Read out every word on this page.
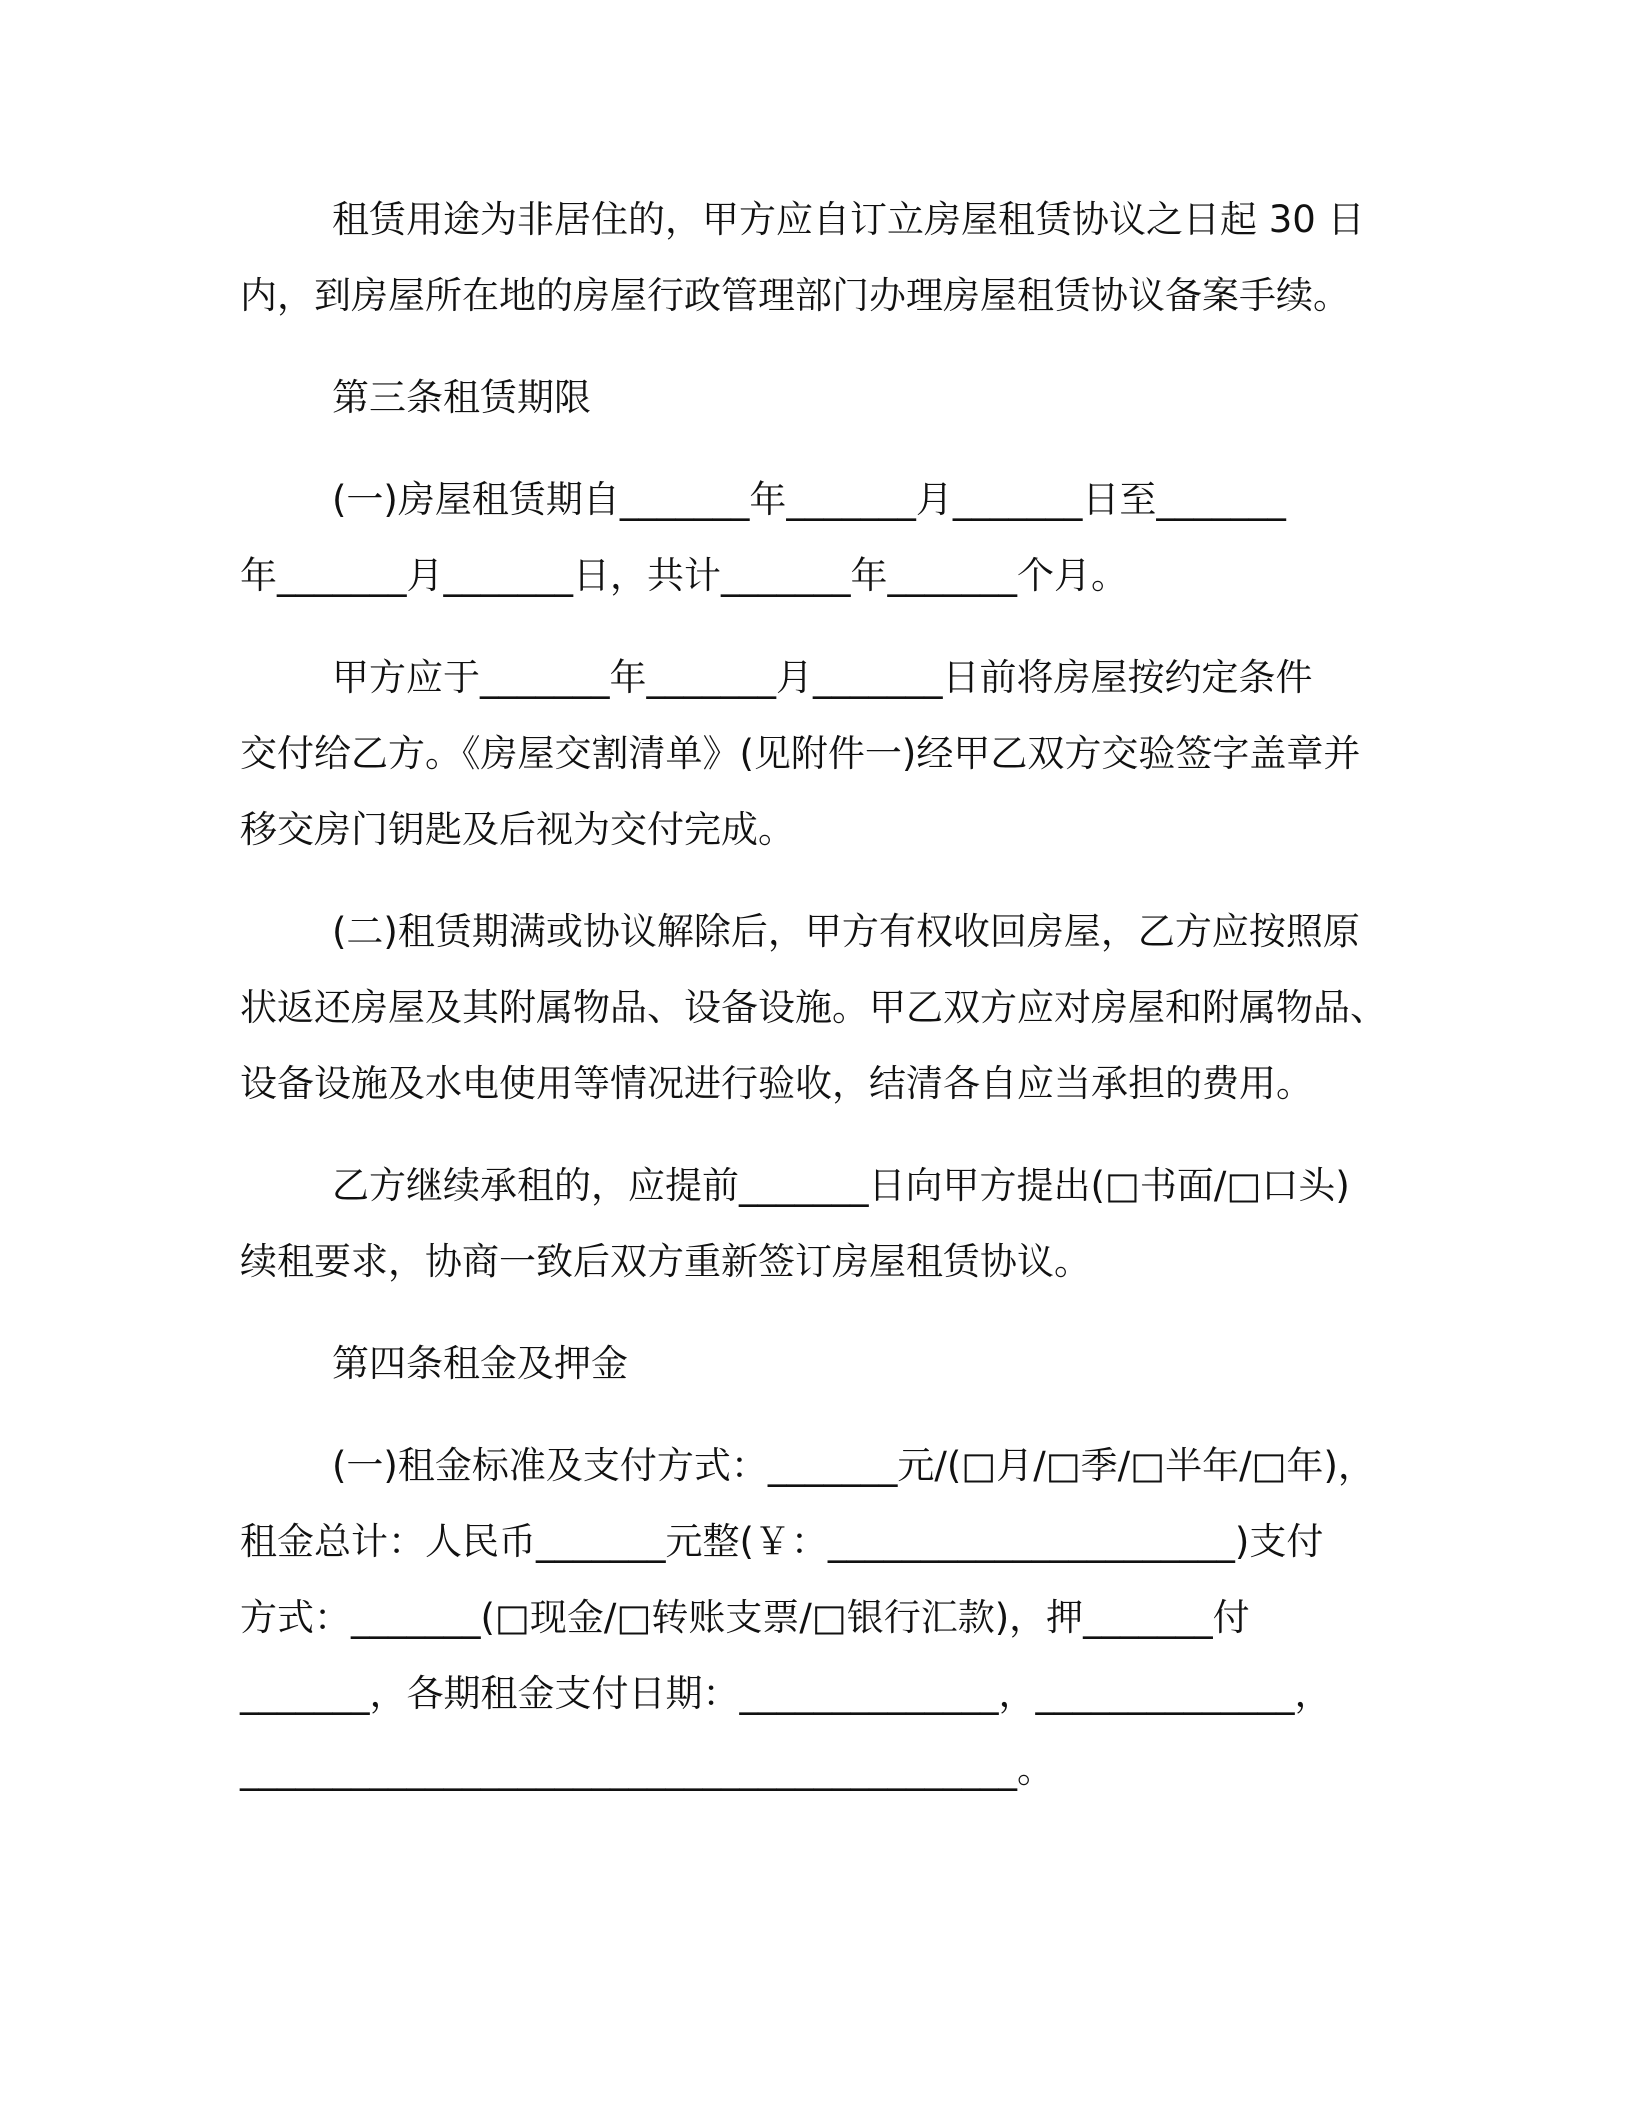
租赁用途为非居住的，甲方应自订立房屋租赁协议之日起 30 日
内，到房屋所在地的房屋行政管理部门办理房屋租赁协议备案手续。
第三条租赁期限
(一)房屋租赁期自_______年_______月_______日至_______
年_______月_______日，共计_______年_______个月。
甲方应于_______年_______月_______日前将房屋按约定条件
交付给乙方。《房屋交割清单》(见附件一)经甲乙双方交验签字盖章并
移交房门钥匙及后视为交付完成。
(二)租赁期满或协议解除后，甲方有权收回房屋，乙方应按照原
状返还房屋及其附属物品、设备设施。甲乙双方应对房屋和附属物品、
设备设施及水电使用等情况进行验收，结清各自应当承担的费用。
乙方继续承租的，应提前_______日向甲方提出(□书面/□口头)
续租要求，协商一致后双方重新签订房屋租赁协议。
第四条租金及押金
(一)租金标准及支付方式：_______元/(□月/□季/□半年/□年)，
租金总计：人民币_______元整(￥：______________________)支付
方式：_______(□现金/□转账支票/□银行汇款)，押_______付
_______，各期租金支付日期：______________，______________，
__________________________________________。
